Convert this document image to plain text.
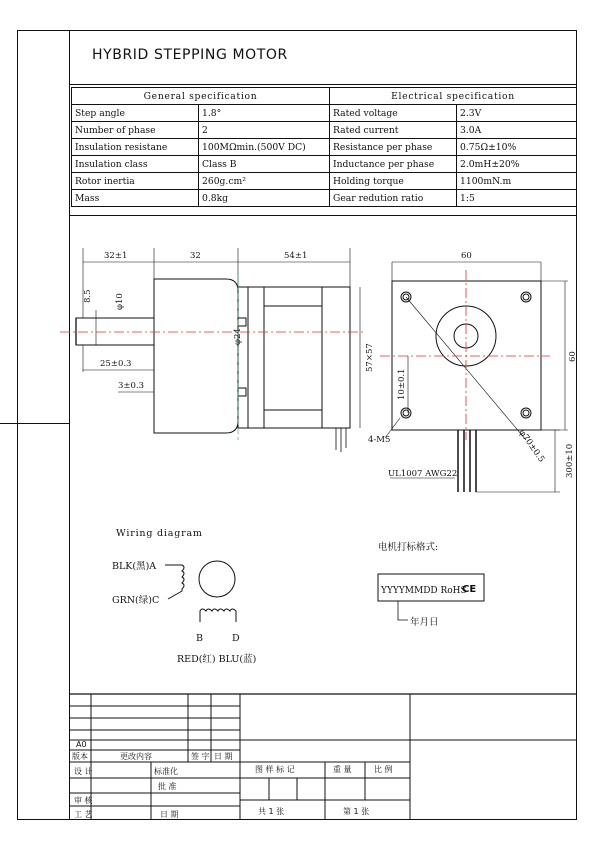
HYBRID STEPPING MOTOR
General specification		Electrical specification	
Step angle	1.8°	Rated voltage	2.3V
Number of phase	2	Rated current	3.0A
Insulation resistane	100MΩmin.(500V DC)	Resistance per phase	0.75Ω±10%
Insulation class	Class B	Inductance per phase	2.0mH±20%
Rotor inertia	260g.cm²	Holding torque	1100mN.m
Mass	0.8kg	Gear redution ratio	1:5
32±1	32	54±1	60
25±0.3
3±0.3
8.5	φ10
φ24
57×57
10±0.1
60
4-M5	φ70±0.5 300±10
UL1007 AWG22
Wiring diagram
BLK(黑)A
GRN(绿)C
B	D
RED(红) BLU(蓝)
电机打标格式:
YYYYMMDD RoHS
CE
年月日
A0
版本	更改内容	签 字 日 期
设 计	标准化
批 准
审 核
工 艺	日 期
图 样 标 记	重 量	比 例
共 1 张	第 1 张
